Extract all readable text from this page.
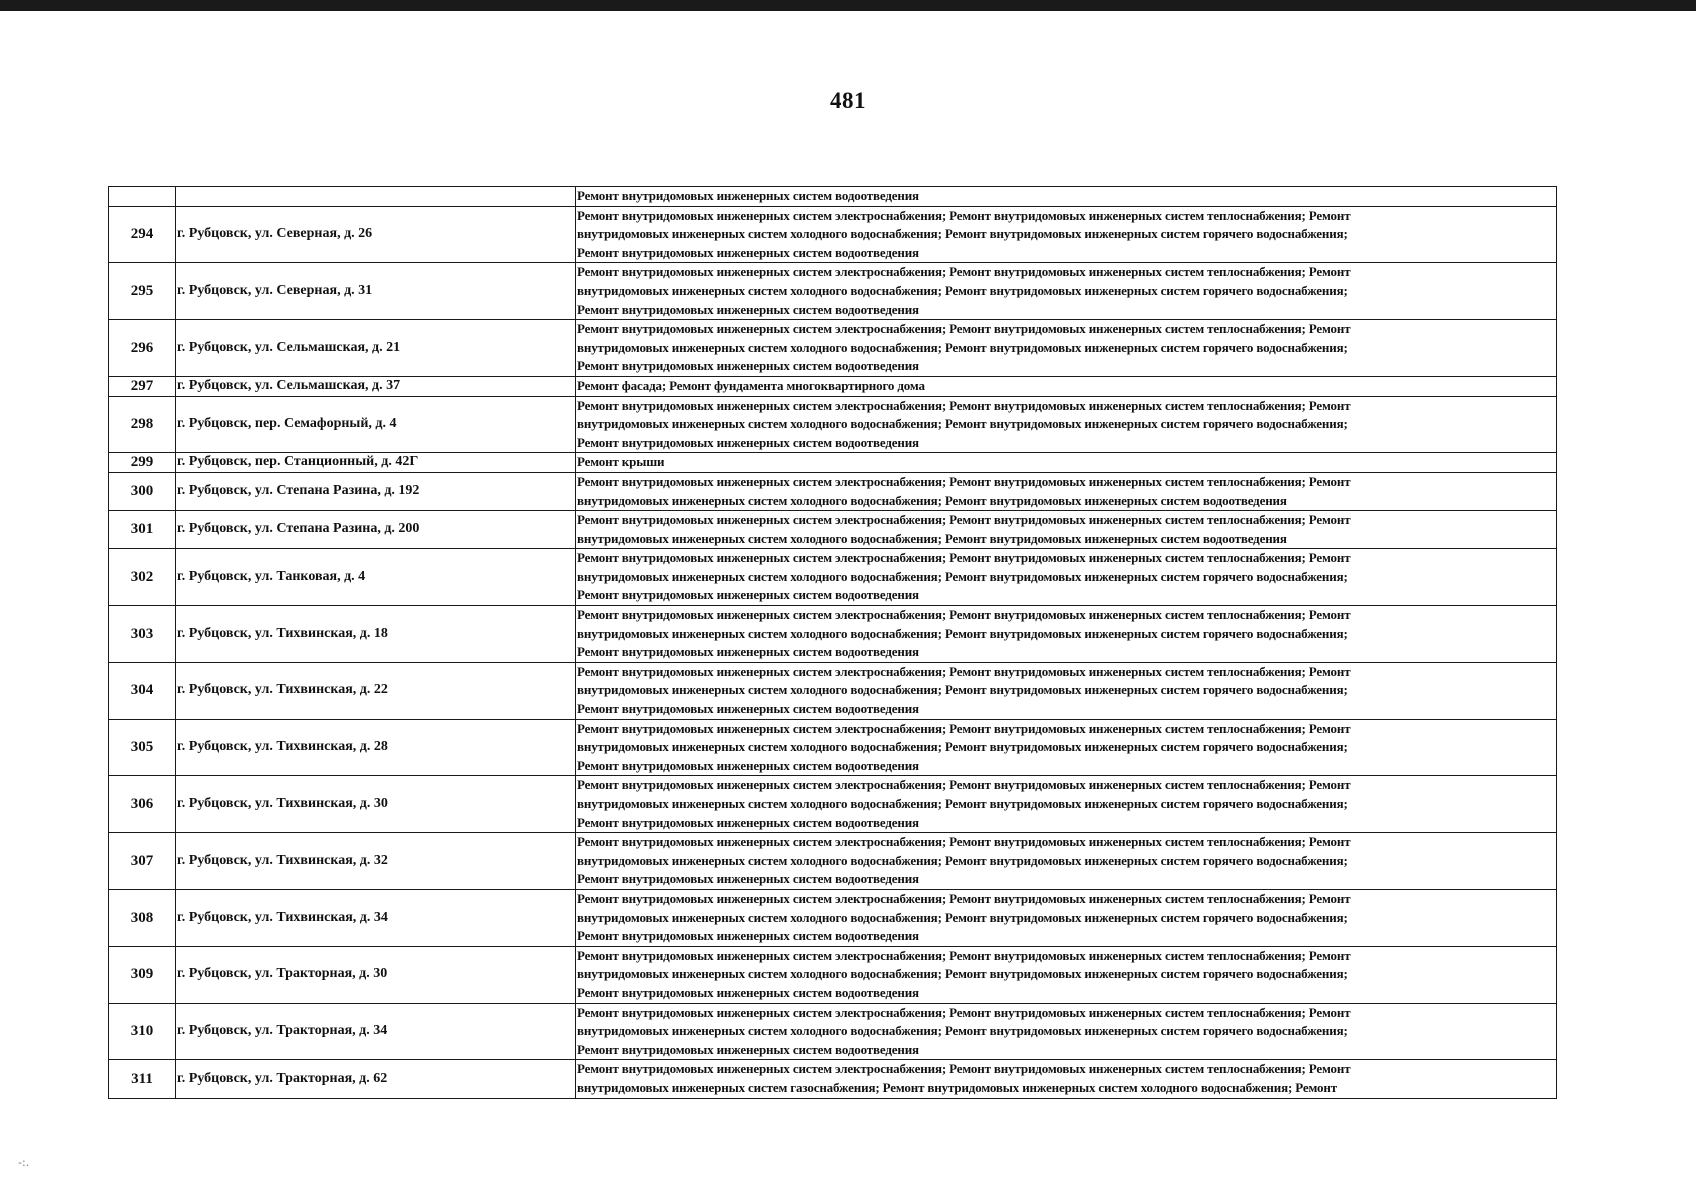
481

		Ремонт внутридомовых инженерных систем водоотведения

294	г. Рубцовск, ул. Северная, д. 26	Ремонт внутридомовых инженерных систем электроснабжения; Ремонт внутридомовых инженерных систем теплоснабжения; Ремонт
внутридомовых инженерных систем холодного водоснабжения; Ремонт внутридомовых инженерных систем горячего водоснабжения;
Ремонт внутридомовых инженерных систем водоотведения

295	г. Рубцовск, ул. Северная, д. 31	Ремонт внутридомовых инженерных систем электроснабжения; Ремонт внутридомовых инженерных систем теплоснабжения; Ремонт
внутридомовых инженерных систем холодного водоснабжения; Ремонт внутридомовых инженерных систем горячего водоснабжения;
Ремонт внутридомовых инженерных систем водоотведения

296	г. Рубцовск, ул. Сельмашская, д. 21	Ремонт внутридомовых инженерных систем электроснабжения; Ремонт внутридомовых инженерных систем теплоснабжения; Ремонт
внутридомовых инженерных систем холодного водоснабжения; Ремонт внутридомовых инженерных систем горячего водоснабжения;
Ремонт внутридомовых инженерных систем водоотведения

297	г. Рубцовск, ул. Сельмашская, д. 37	Ремонт фасада; Ремонт фундамента многоквартирного дома

298	г. Рубцовск, пер. Семафорный, д. 4	Ремонт внутридомовых инженерных систем электроснабжения; Ремонт внутридомовых инженерных систем теплоснабжения; Ремонт
внутридомовых инженерных систем холодного водоснабжения; Ремонт внутридомовых инженерных систем горячего водоснабжения;
Ремонт внутридомовых инженерных систем водоотведения

299	г. Рубцовск, пер. Станционный, д. 42Г	Ремонт крыши

300	г. Рубцовск, ул. Степана Разина, д. 192	Ремонт внутридомовых инженерных систем электроснабжения; Ремонт внутридомовых инженерных систем теплоснабжения; Ремонт
внутридомовых инженерных систем холодного водоснабжения; Ремонт внутридомовых инженерных систем водоотведения

301	г. Рубцовск, ул. Степана Разина, д. 200	Ремонт внутридомовых инженерных систем электроснабжения; Ремонт внутридомовых инженерных систем теплоснабжения; Ремонт
внутридомовых инженерных систем холодного водоснабжения; Ремонт внутридомовых инженерных систем водоотведения

302	г. Рубцовск, ул. Танковая, д. 4	Ремонт внутридомовых инженерных систем электроснабжения; Ремонт внутридомовых инженерных систем теплоснабжения; Ремонт
внутридомовых инженерных систем холодного водоснабжения; Ремонт внутридомовых инженерных систем горячего водоснабжения;
Ремонт внутридомовых инженерных систем водоотведения

303	г. Рубцовск, ул. Тихвинская, д. 18	Ремонт внутридомовых инженерных систем электроснабжения; Ремонт внутридомовых инженерных систем теплоснабжения; Ремонт
внутридомовых инженерных систем холодного водоснабжения; Ремонт внутридомовых инженерных систем горячего водоснабжения;
Ремонт внутридомовых инженерных систем водоотведения

304	г. Рубцовск, ул. Тихвинская, д. 22	Ремонт внутридомовых инженерных систем электроснабжения; Ремонт внутридомовых инженерных систем теплоснабжения; Ремонт
внутридомовых инженерных систем холодного водоснабжения; Ремонт внутридомовых инженерных систем горячего водоснабжения;
Ремонт внутридомовых инженерных систем водоотведения

305	г. Рубцовск, ул. Тихвинская, д. 28	Ремонт внутридомовых инженерных систем электроснабжения; Ремонт внутридомовых инженерных систем теплоснабжения; Ремонт
внутридомовых инженерных систем холодного водоснабжения; Ремонт внутридомовых инженерных систем горячего водоснабжения;
Ремонт внутридомовых инженерных систем водоотведения

306	г. Рубцовск, ул. Тихвинская, д. 30	Ремонт внутридомовых инженерных систем электроснабжения; Ремонт внутридомовых инженерных систем теплоснабжения; Ремонт
внутридомовых инженерных систем холодного водоснабжения; Ремонт внутридомовых инженерных систем горячего водоснабжения;
Ремонт внутридомовых инженерных систем водоотведения

307	г. Рубцовск, ул. Тихвинская, д. 32	Ремонт внутридомовых инженерных систем электроснабжения; Ремонт внутридомовых инженерных систем теплоснабжения; Ремонт
внутридомовых инженерных систем холодного водоснабжения; Ремонт внутридомовых инженерных систем горячего водоснабжения;
Ремонт внутридомовых инженерных систем водоотведения

308	г. Рубцовск, ул. Тихвинская, д. 34	Ремонт внутридомовых инженерных систем электроснабжения; Ремонт внутридомовых инженерных систем теплоснабжения; Ремонт
внутридомовых инженерных систем холодного водоснабжения; Ремонт внутридомовых инженерных систем горячего водоснабжения;
Ремонт внутридомовых инженерных систем водоотведения

309	г. Рубцовск, ул. Тракторная, д. 30	Ремонт внутридомовых инженерных систем электроснабжения; Ремонт внутридомовых инженерных систем теплоснабжения; Ремонт
внутридомовых инженерных систем холодного водоснабжения; Ремонт внутридомовых инженерных систем горячего водоснабжения;
Ремонт внутридомовых инженерных систем водоотведения

310	г. Рубцовск, ул. Тракторная, д. 34	Ремонт внутридомовых инженерных систем электроснабжения; Ремонт внутридомовых инженерных систем теплоснабжения; Ремонт
внутридомовых инженерных систем холодного водоснабжения; Ремонт внутридомовых инженерных систем горячего водоснабжения;
Ремонт внутридомовых инженерных систем водоотведения

311	г. Рубцовск, ул. Тракторная, д. 62	Ремонт внутридомовых инженерных систем электроснабжения; Ремонт внутридомовых инженерных систем теплоснабжения; Ремонт
внутридомовых инженерных систем газоснабжения; Ремонт внутридомовых инженерных систем холодного водоснабжения; Ремонт
-:.
